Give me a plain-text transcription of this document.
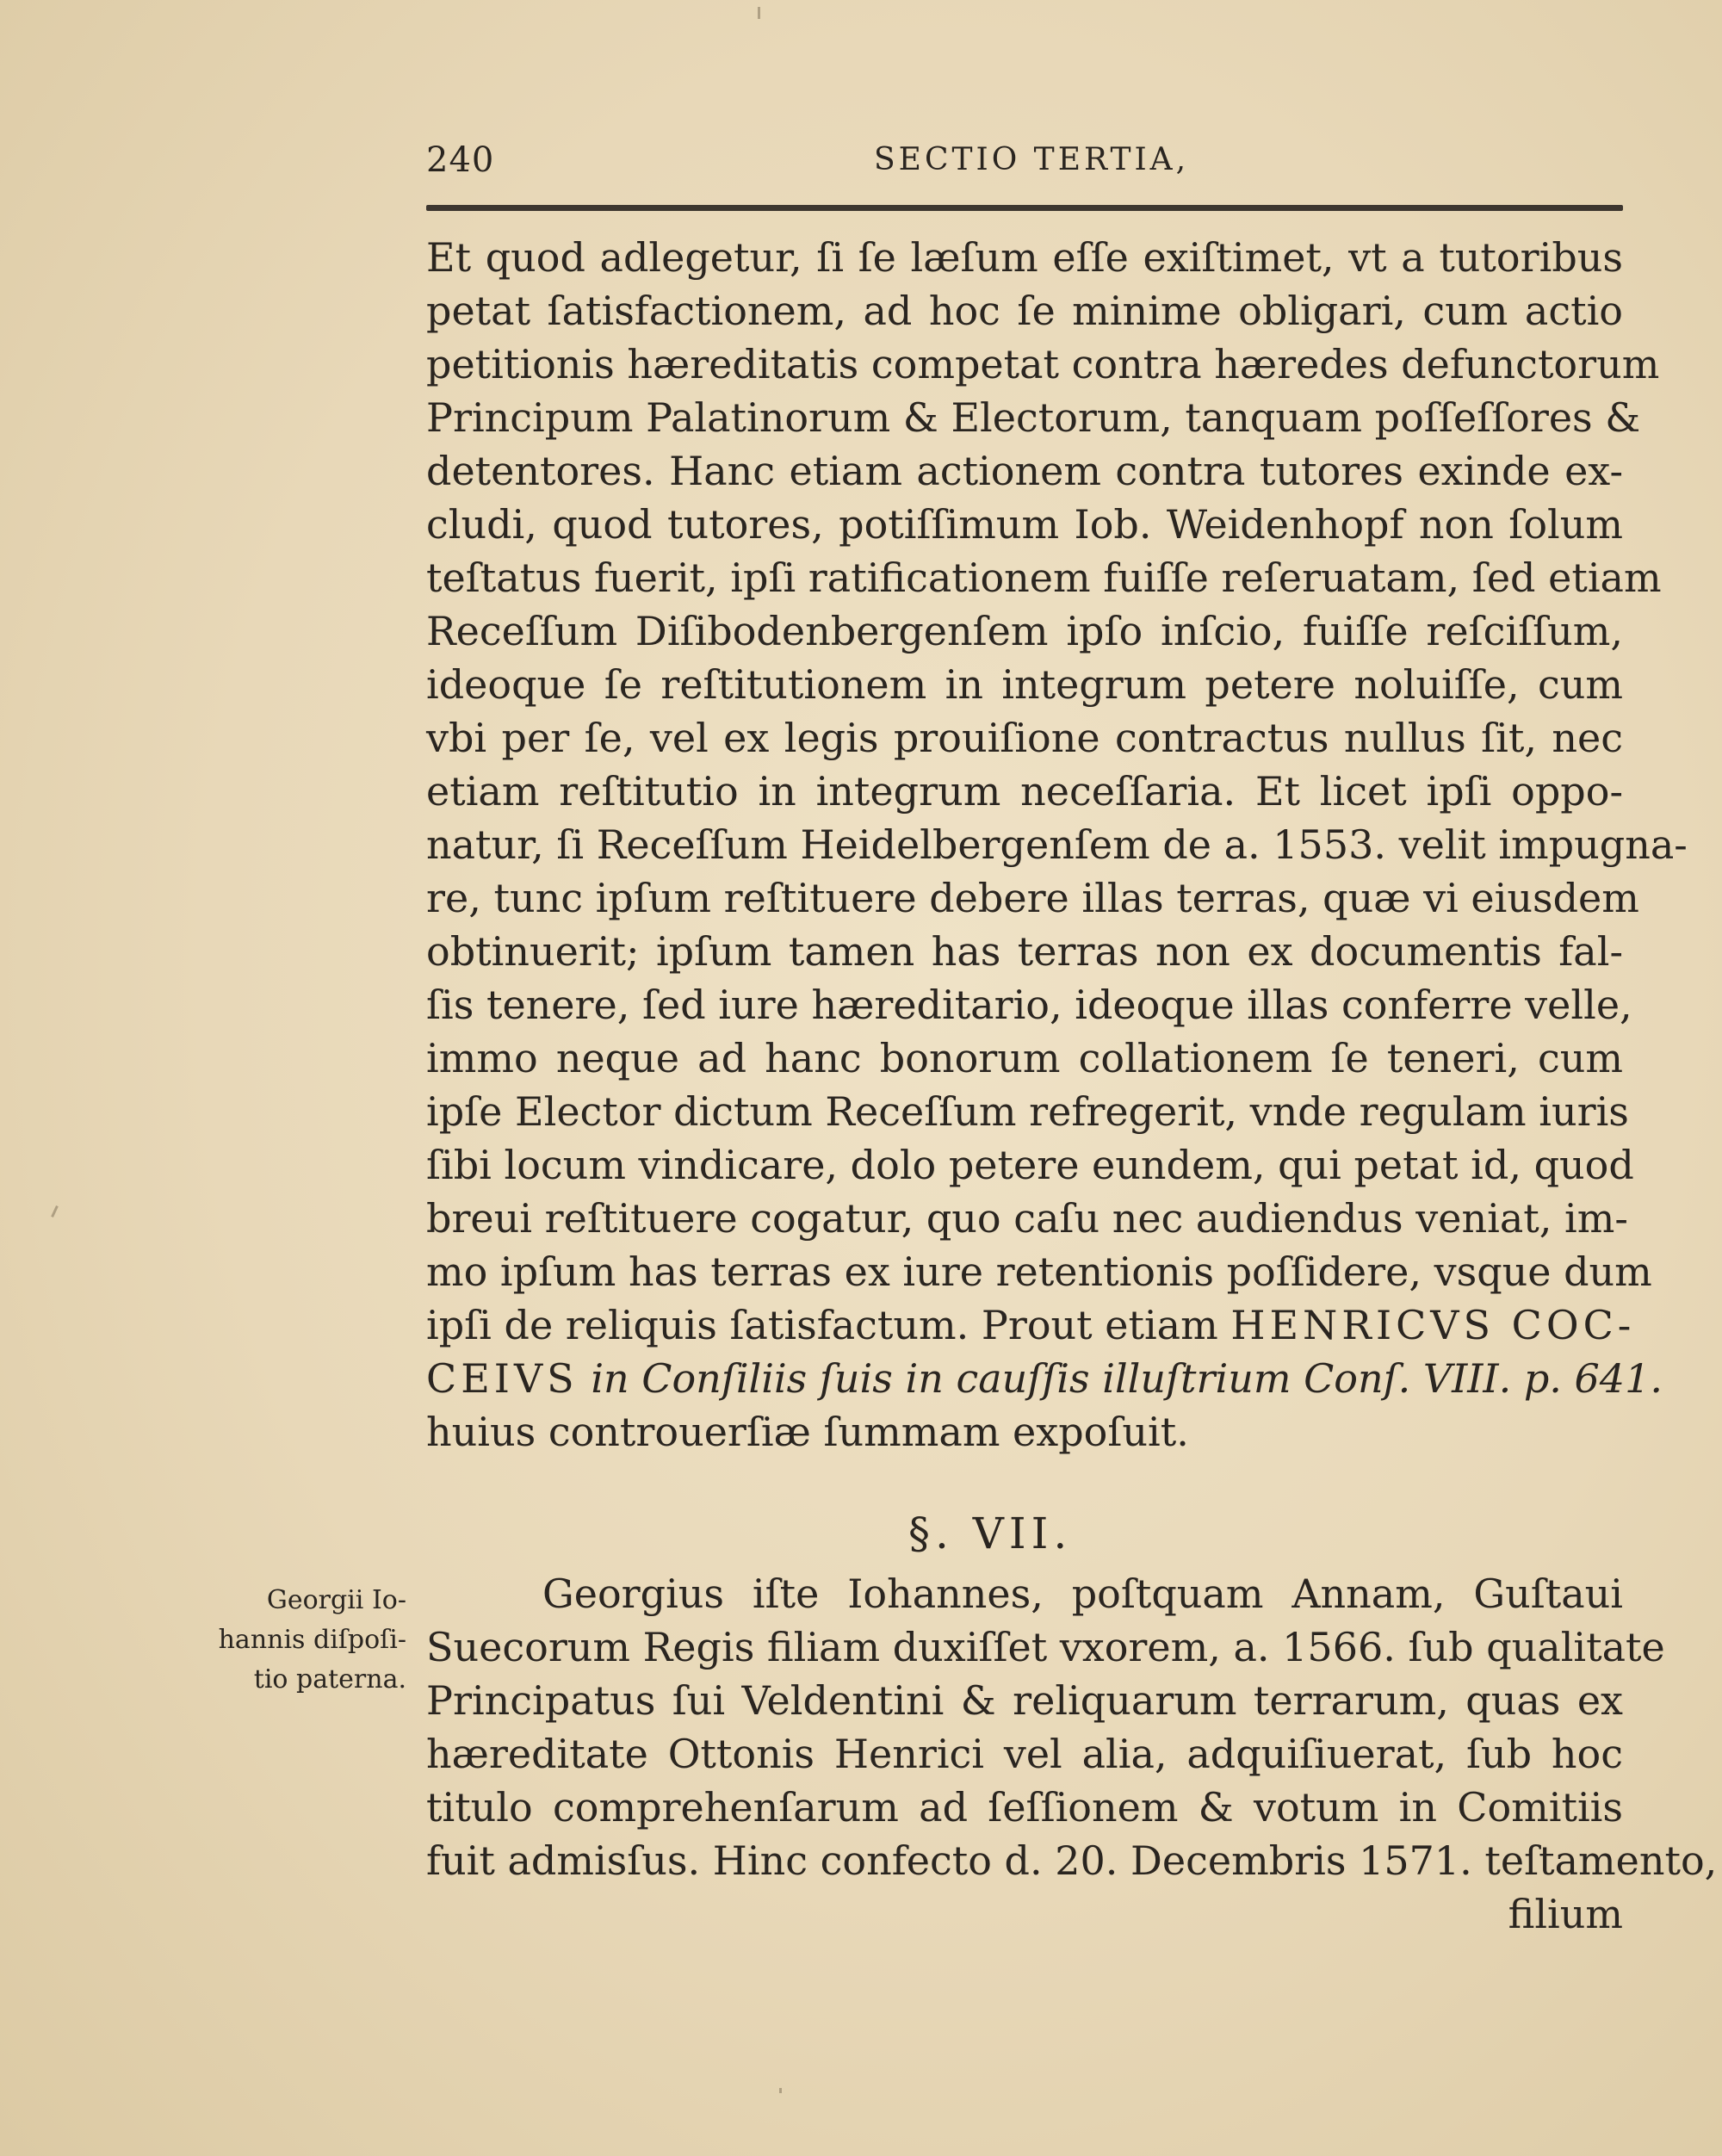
240	SECTIO TERTIA,
Et quod adlegetur, ſi ſe læſum eſſe exiſtimet, vt a tutoribus
petat ſatisfactionem, ad hoc ſe minime obligari, cum actio
petitionis hæreditatis competat contra hæredes defunctorum
Principum Palatinorum & Electorum, tanquam poſſeſſores &
detentores. Hanc etiam actionem contra tutores exinde ex-
cludi, quod tutores, potiſſimum Iob. Weidenhopf non ſolum
teſtatus fuerit, ipſi ratificationem fuiſſe reſeruatam, ſed etiam
Receſſum Diſibodenbergenſem ipſo inſcio, fuiſſe reſciſſum,
ideoque ſe reſtitutionem in integrum petere noluiſſe, cum
vbi per ſe, vel ex legis prouiſione contractus nullus ſit, nec
etiam reſtitutio in integrum neceſſaria. Et licet ipſi oppo-
natur, ſi Receſſum Heidelbergenſem de a. 1553. velit impugna-
re, tunc ipſum reſtituere debere illas terras, quæ vi eiusdem
obtinuerit; ipſum tamen has terras non ex documentis fal-
ſis tenere, ſed iure hæreditario, ideoque illas conferre velle,
immo neque ad hanc bonorum collationem ſe teneri, cum
ipſe Elector dictum Receſſum refregerit, vnde regulam iuris
ſibi locum vindicare, dolo petere eundem, qui petat id, quod
breui reſtituere cogatur, quo caſu nec audiendus veniat, im-
mo ipſum has terras ex iure retentionis poſſidere, vsque dum
ipſi de reliquis ſatisfactum. Prout etiam HENRICVS COC-
CEIVS in Conſiliis ſuis in cauſſis illuſtrium Conſ. VIII. p. 641.
huius controuerſiæ ſummam expoſuit.
§. VII.
Georgii Io-
hannis diſpoſi-
tio paterna.
Georgius iſte Iohannes, poſtquam Annam, Guſtaui
Suecorum Regis filiam duxiſſet vxorem, a. 1566. ſub qualitate
Principatus ſui Veldentini & reliquarum terrarum, quas ex
hæreditate Ottonis Henrici vel alia, adquiſiuerat, ſub hoc
titulo comprehenſarum ad ſeſſionem & votum in Comitiis
fuit admisſus. Hinc confecto d. 20. Decembris 1571. teſtamento,
filium
